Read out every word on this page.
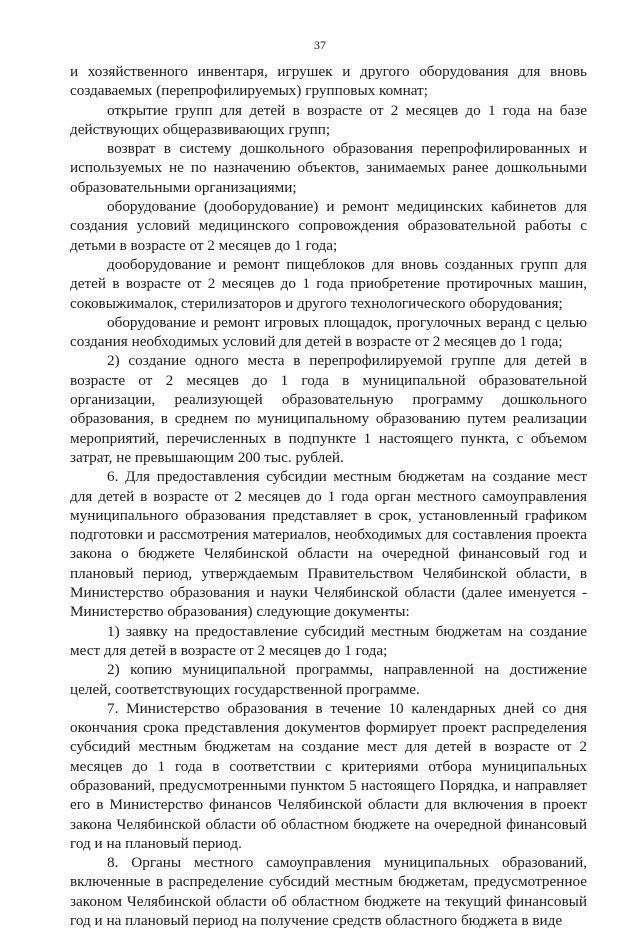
37

и хозяйственного инвентаря, игрушек и другого оборудования для вновь создаваемых (перепрофилируемых) групповых комнат;

открытие групп для детей в возрасте от 2 месяцев до 1 года на базе действующих общеразвивающих групп;

возврат в систему дошкольного образования перепрофилированных и используемых не по назначению объектов, занимаемых ранее дошкольными образовательными организациями;

оборудование (дооборудование) и ремонт медицинских кабинетов для создания условий медицинского сопровождения образовательной работы с детьми в возрасте от 2 месяцев до 1 года;

дооборудование и ремонт пищеблоков для вновь созданных групп для детей в возрасте от 2 месяцев до 1 года приобретение протирочных машин, соковыжималок, стерилизаторов и другого технологического оборудования;

оборудование и ремонт игровых площадок, прогулочных веранд с целью создания необходимых условий для детей в возрасте от 2 месяцев до 1 года;

2) создание одного места в перепрофилируемой группе для детей в возрасте от 2 месяцев до 1 года в муниципальной образовательной организации, реализующей образовательную программу дошкольного образования, в среднем по муниципальному образованию путем реализации мероприятий, перечисленных в подпункте 1 настоящего пункта, с объемом затрат, не превышающим 200 тыс. рублей.

6. Для предоставления субсидии местным бюджетам на создание мест для детей в возрасте от 2 месяцев до 1 года орган местного самоуправления муниципального образования представляет в срок, установленный графиком подготовки и рассмотрения материалов, необходимых для составления проекта закона о бюджете Челябинской области на очередной финансовый год и плановый период, утверждаемым Правительством Челябинской области, в Министерство образования и науки Челябинской области (далее именуется - Министерство образования) следующие документы:

1) заявку на предоставление субсидий местным бюджетам на создание мест для детей в возрасте от 2 месяцев до 1 года;

2) копию муниципальной программы, направленной на достижение целей, соответствующих государственной программе.

7. Министерство образования в течение 10 календарных дней со дня окончания срока представления документов формирует проект распределения субсидий местным бюджетам на создание мест для детей в возрасте от 2 месяцев до 1 года в соответствии с критериями отбора муниципальных образований, предусмотренными пунктом 5 настоящего Порядка, и направляет его в Министерство финансов Челябинской области для включения в проект закона Челябинской области об областном бюджете на очередной финансовый год и на плановый период.

8. Органы местного самоуправления муниципальных образований, включенные в распределение субсидий местным бюджетам, предусмотренное законом Челябинской области об областном бюджете на текущий финансовый год и на плановый период на получение средств областного бюджета в виде
